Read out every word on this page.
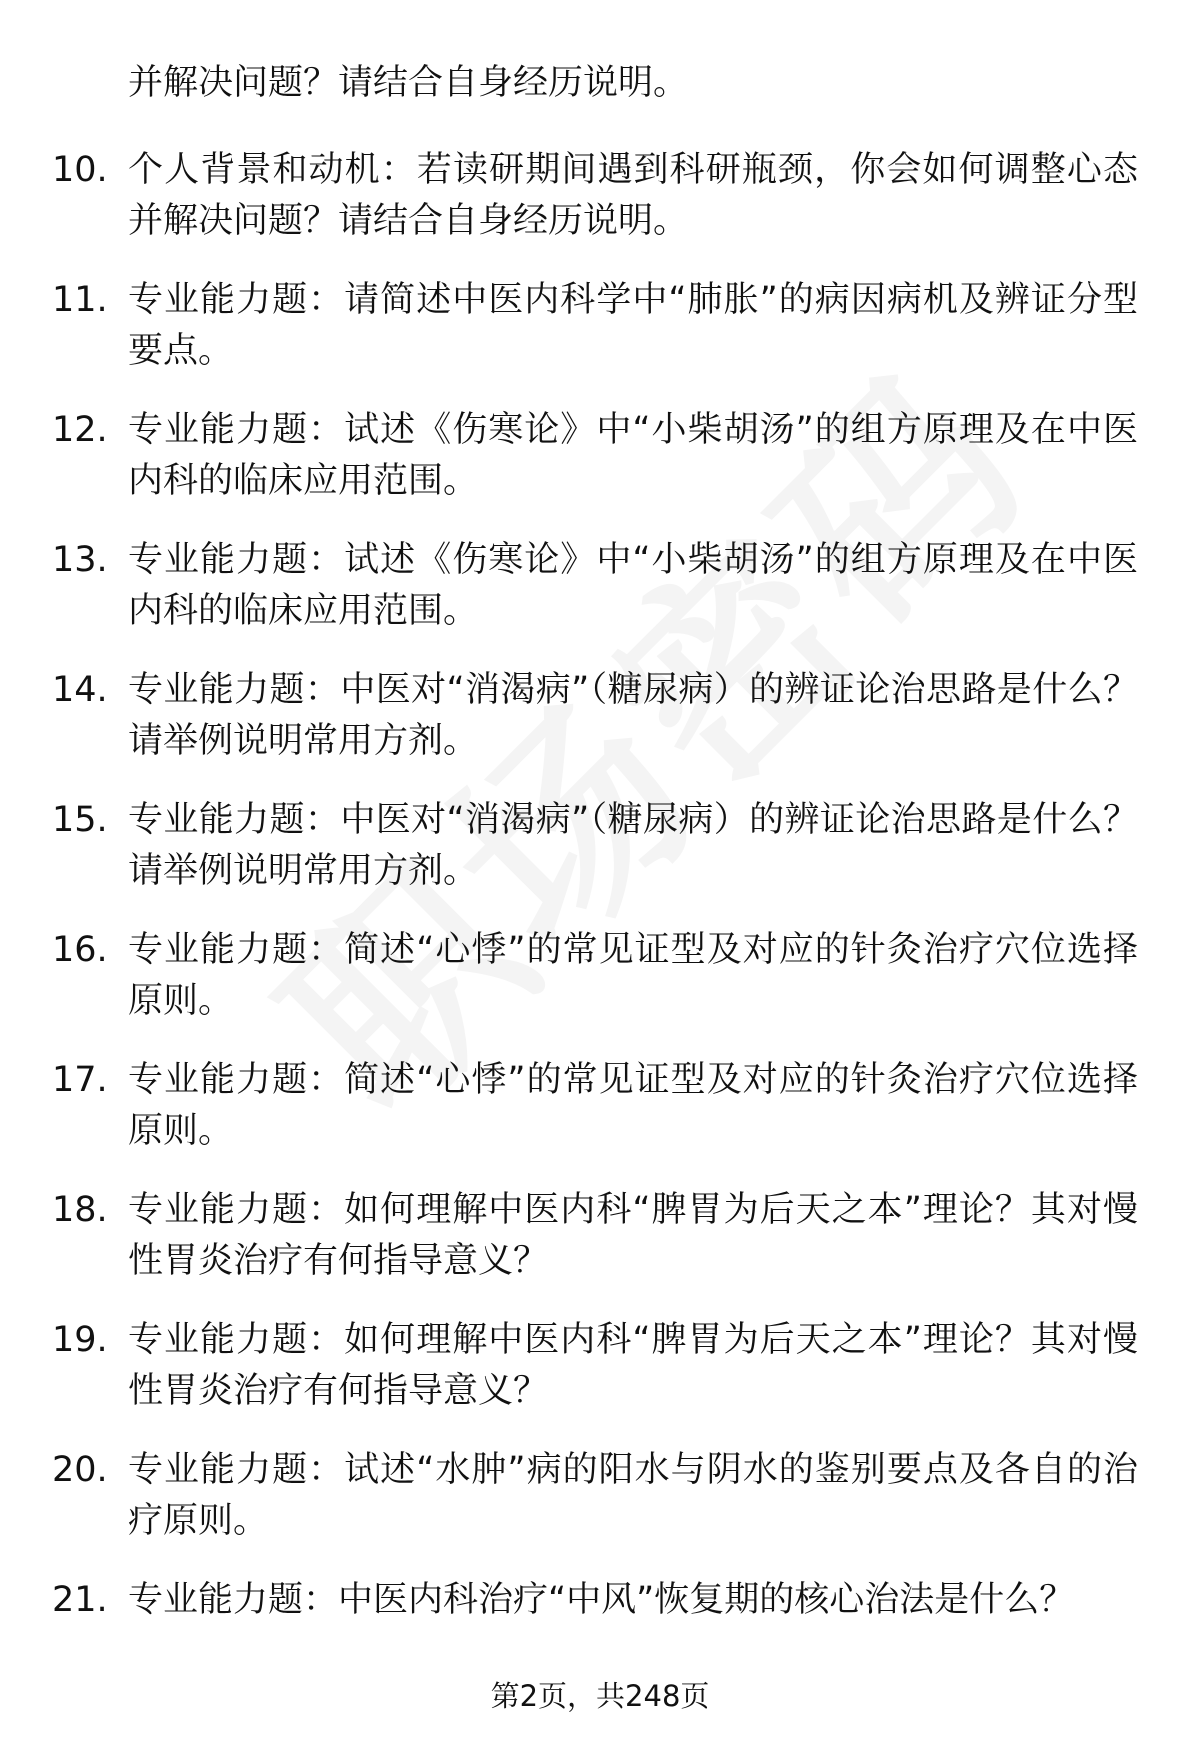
并解决问题？请结合自身经历说明。

10. 个人背景和动机：若读研期间遇到科研瓶颈，你会如何调整心态并解决问题？请结合自身经历说明。
11. 专业能力题：请简述中医内科学中“肺胀”的病因病机及辨证分型要点。
12. 专业能力题：试述《伤寒论》中“小柴胡汤”的组方原理及在中医内科的临床应用范围。
13. 专业能力题：试述《伤寒论》中“小柴胡汤”的组方原理及在中医内科的临床应用范围。
14. 专业能力题：中医对“消渴病”（糖尿病）的辨证论治思路是什么？请举例说明常用方剂。
15. 专业能力题：中医对“消渴病”（糖尿病）的辨证论治思路是什么？请举例说明常用方剂。
16. 专业能力题：简述“心悸”的常见证型及对应的针灸治疗穴位选择原则。
17. 专业能力题：简述“心悸”的常见证型及对应的针灸治疗穴位选择原则。
18. 专业能力题：如何理解中医内科“脾胃为后天之本”理论？其对慢性胃炎治疗有何指导意义？
19. 专业能力题：如何理解中医内科“脾胃为后天之本”理论？其对慢性胃炎治疗有何指导意义？
20. 专业能力题：试述“水肿”病的阳水与阴水的鉴别要点及各自的治疗原则。
21. 专业能力题：中医内科治疗“中风”恢复期的核心治法是什么？
第2页，共248页
